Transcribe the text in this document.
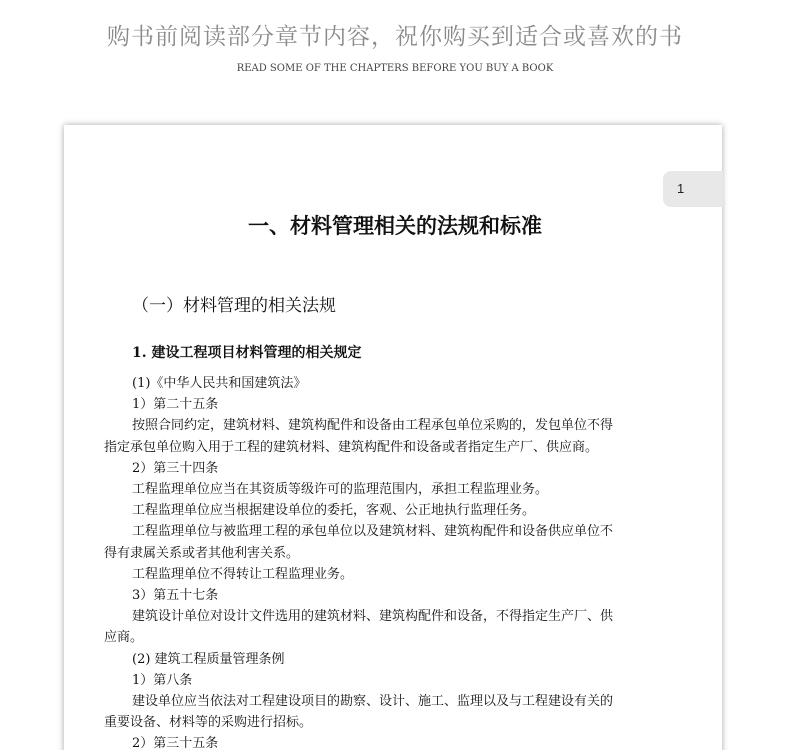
购书前阅读部分章节内容，祝你购买到适合或喜欢的书
READ SOME OF THE CHAPTERS BEFORE YOU BUY A BOOK
1
一、材料管理相关的法规和标准
（一）材料管理的相关法规
1. 建设工程项目材料管理的相关规定
(1)《中华人民共和国建筑法》
1）第二十五条
按照合同约定，建筑材料、建筑构配件和设备由工程承包单位采购的，发包单位不得
指定承包单位购入用于工程的建筑材料、建筑构配件和设备或者指定生产厂、供应商。
2）第三十四条
工程监理单位应当在其资质等级许可的监理范围内，承担工程监理业务。
工程监理单位应当根据建设单位的委托，客观、公正地执行监理任务。
工程监理单位与被监理工程的承包单位以及建筑材料、建筑构配件和设备供应单位不
得有隶属关系或者其他利害关系。
工程监理单位不得转让工程监理业务。
3）第五十七条
建筑设计单位对设计文件选用的建筑材料、建筑构配件和设备，不得指定生产厂、供
应商。
(2) 建筑工程质量管理条例
1）第八条
建设单位应当依法对工程建设项目的勘察、设计、施工、监理以及与工程建设有关的
重要设备、材料等的采购进行招标。
2）第三十五条
